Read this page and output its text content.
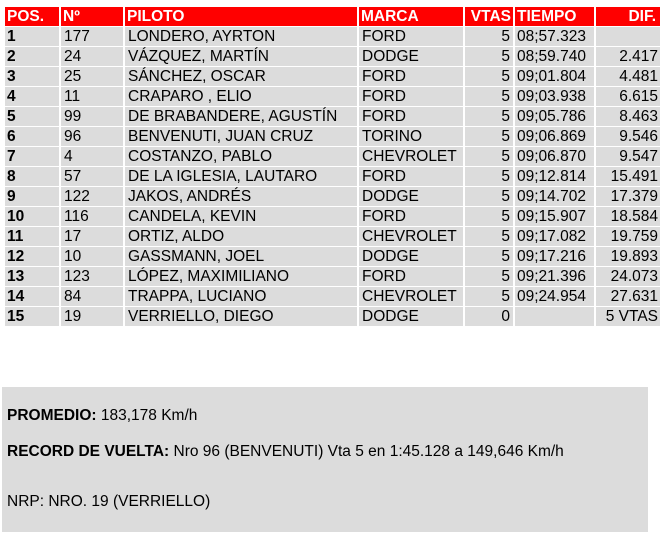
POS.	Nº	PILOTO	MARCA	VTAS	TIEMPO	DIF.
1	177	LONDERO, AYRTON	FORD	5	08;57.323	
2	24	VÁZQUEZ, MARTÍN	DODGE	5	08;59.740	2.417
3	25	SÁNCHEZ, OSCAR	FORD	5	09;01.804	4.481
4	11	CRAPARO , ELIO	FORD	5	09;03.938	6.615
5	99	DE BRABANDERE, AGUSTÍN	FORD	5	09;05.786	8.463
6	96	BENVENUTI, JUAN CRUZ	TORINO	5	09;06.869	9.546
7	4	COSTANZO, PABLO	CHEVROLET	5	09;06.870	9.547
8	57	DE LA IGLESIA, LAUTARO	FORD	5	09;12.814	15.491
9	122	JAKOS, ANDRÉS	DODGE	5	09;14.702	17.379
10	116	CANDELA, KEVIN	FORD	5	09;15.907	18.584
11	17	ORTIZ, ALDO	CHEVROLET	5	09;17.082	19.759
12	10	GASSMANN, JOEL	DODGE	5	09;17.216	19.893
13	123	LÓPEZ, MAXIMILIANO	FORD	5	09;21.396	24.073
14	84	TRAPPA, LUCIANO	CHEVROLET	5	09;24.954	27.631
15	19	VERRIELLO, DIEGO	DODGE	0		5 VTAS
PROMEDIO: 183,178 Km/h
RECORD DE VUELTA: Nro 96 (BENVENUTI) Vta 5 en 1:45.128 a 149,646 Km/h
NRP: NRO. 19 (VERRIELLO)
